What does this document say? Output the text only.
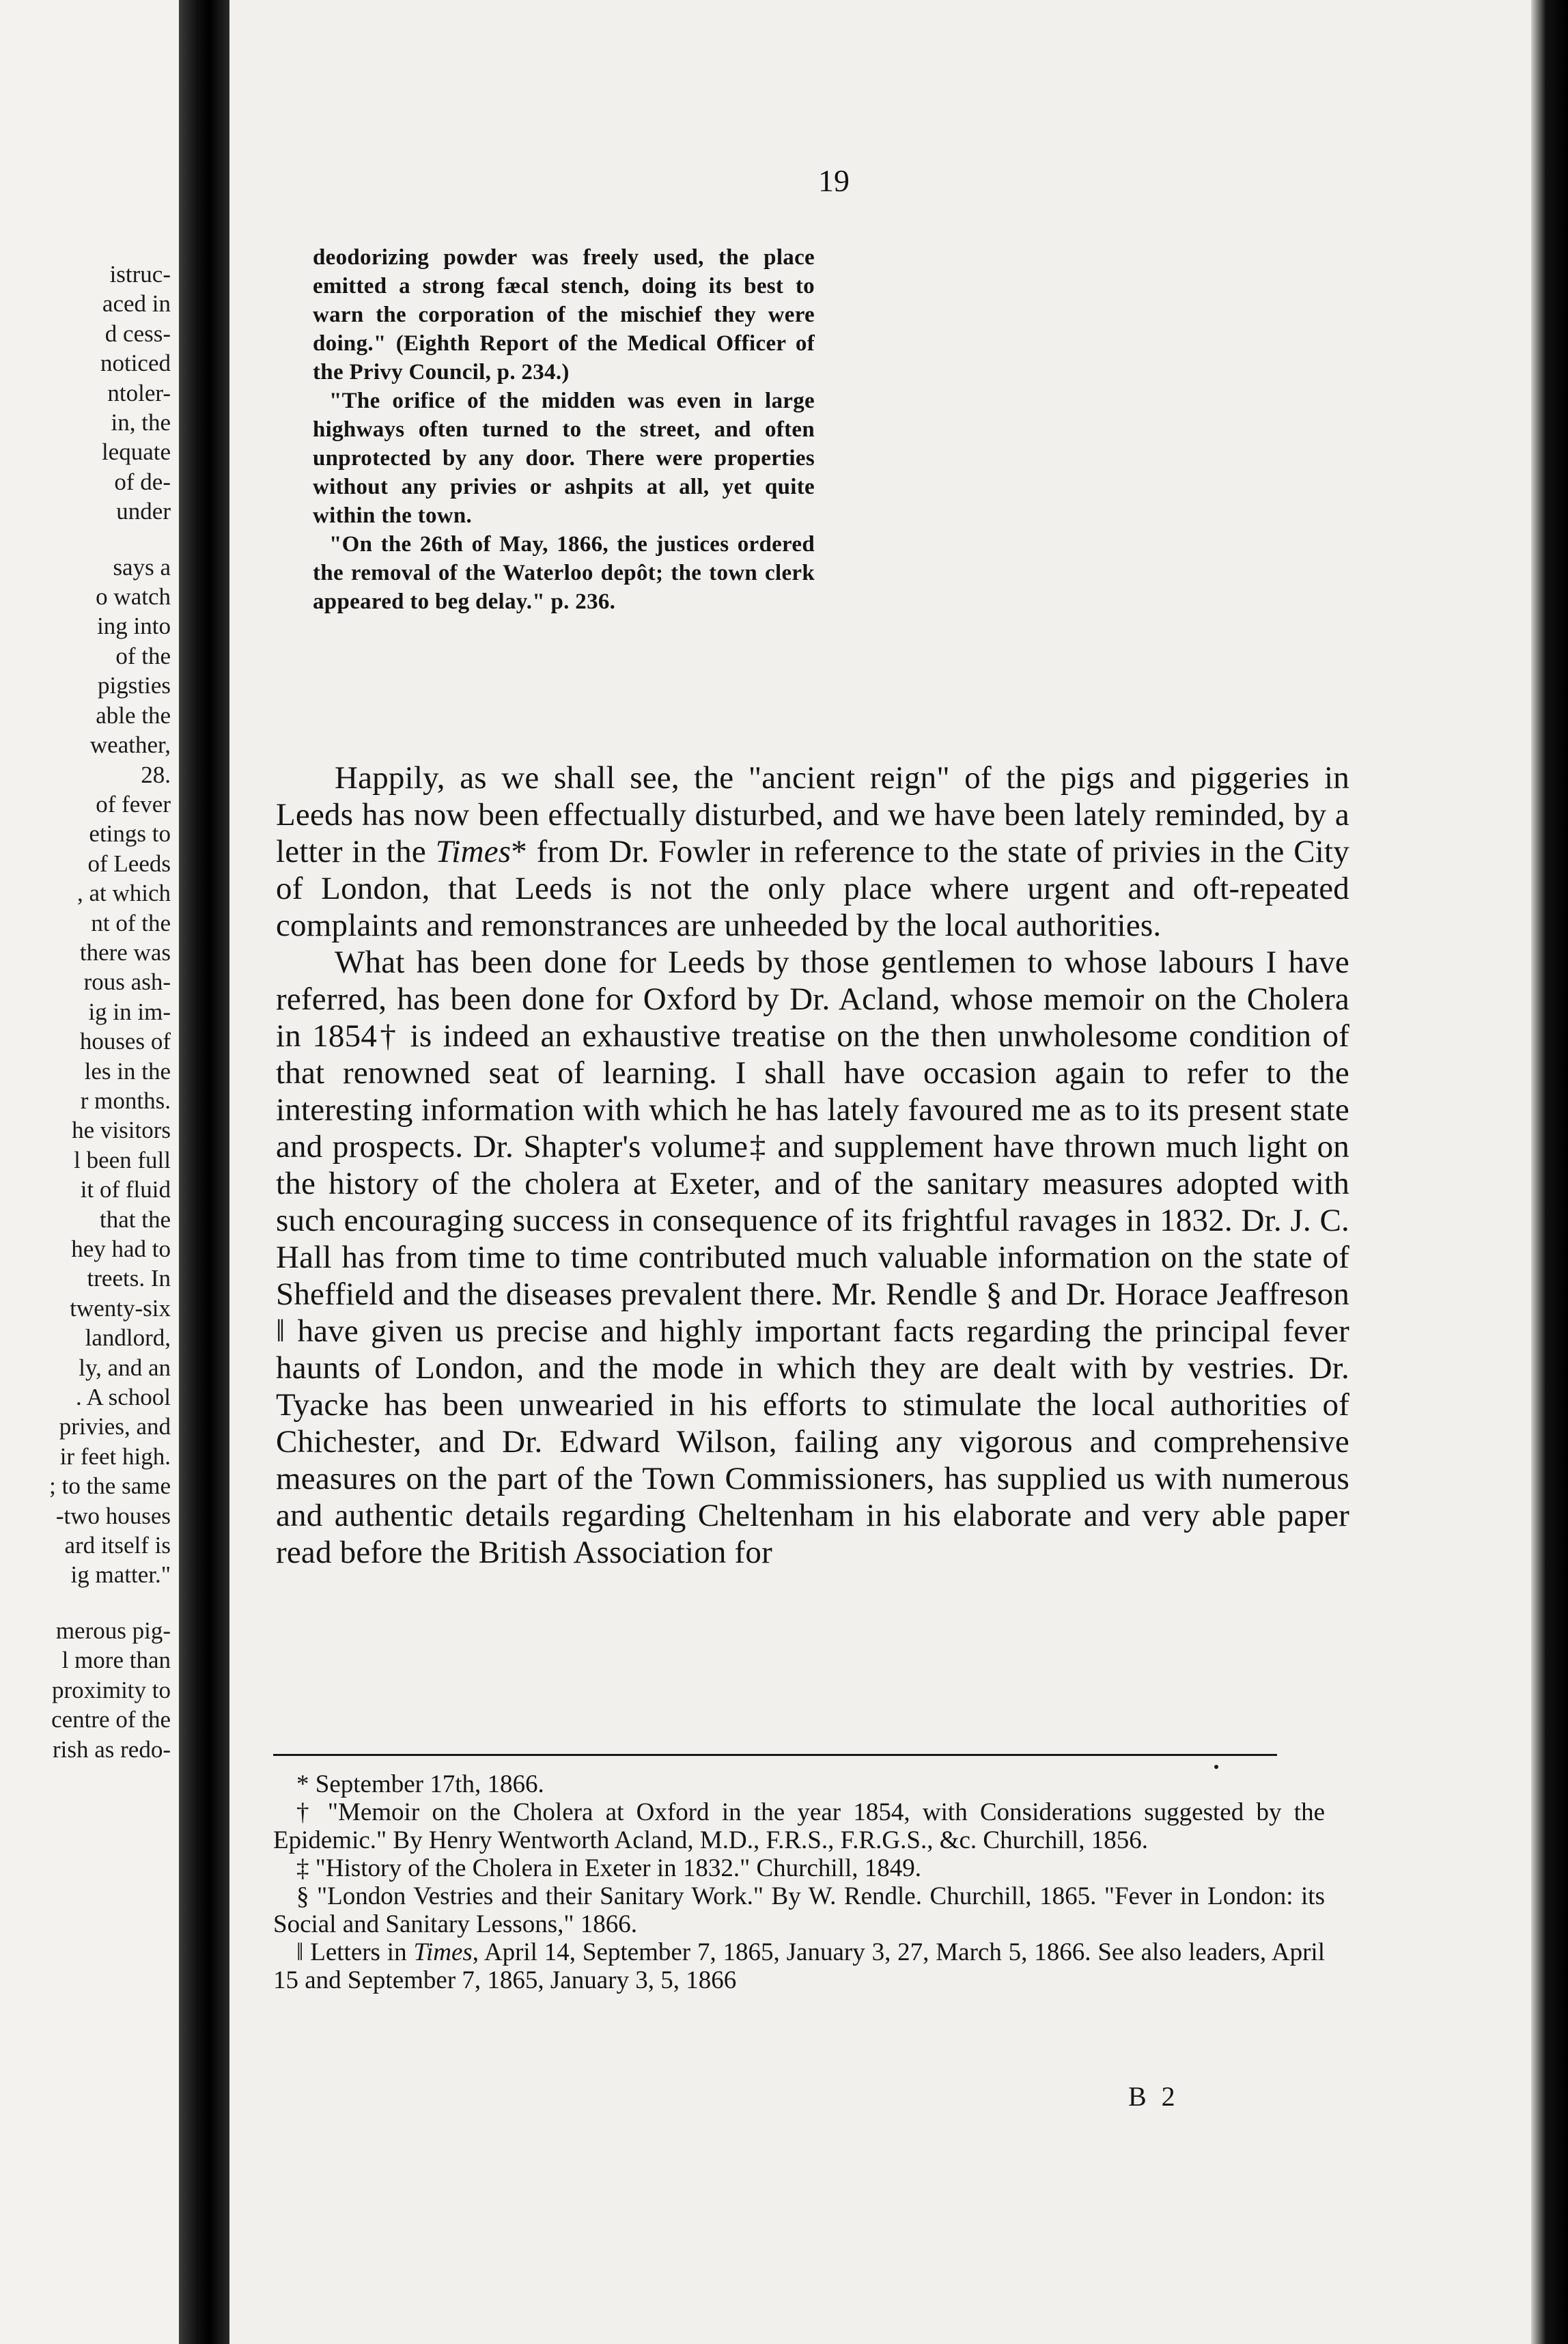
istruc-
aced in
d cess-
noticed
ntoler-
in, the
lequate
of de-
under
says a
o watch
ing into
of the
pigsties
able the
weather,
28.
of fever
etings to
of Leeds
, at which
nt of the
there was
rous ash-
ig in im-
houses of
les in the
r months.
he visitors
l been full
it of fluid
that the
hey had to
treets. In
twenty-six
landlord,
ly, and an
. A school
privies, and
ir feet high.
; to the same
-two houses
ard itself is
ig matter."
merous pig-
l more than
proximity to
centre of the
rish as redo-
19

deodorizing powder was freely used, the place emitted a strong fæcal stench, doing its best to warn the corporation of the mischief they were doing." (Eighth Report of the Medical Officer of the Privy Council, p. 234.)

"The orifice of the midden was even in large highways often turned to the street, and often unprotected by any door. There were properties without any privies or ashpits at all, yet quite within the town.

"On the 26th of May, 1866, the justices ordered the removal of the Waterloo depôt; the town clerk appeared to beg delay." p. 236.

Happily, as we shall see, the "ancient reign" of the pigs and piggeries in Leeds has now been effectually disturbed, and we have been lately reminded, by a letter in the Times* from Dr. Fowler in reference to the state of privies in the City of London, that Leeds is not the only place where urgent and oft-repeated complaints and remonstrances are unheeded by the local authorities.

What has been done for Leeds by those gentlemen to whose labours I have referred, has been done for Oxford by Dr. Acland, whose memoir on the Cholera in 1854† is indeed an exhaustive treatise on the then unwholesome condition of that renowned seat of learning. I shall have occasion again to refer to the interesting information with which he has lately favoured me as to its present state and prospects. Dr. Shapter's volume‡ and supplement have thrown much light on the history of the cholera at Exeter, and of the sanitary measures adopted with such encouraging success in consequence of its frightful ravages in 1832. Dr. J. C. Hall has from time to time contributed much valuable information on the state of Sheffield and the diseases prevalent there. Mr. Rendle § and Dr. Horace Jeaffreson ‖ have given us precise and highly important facts regarding the principal fever haunts of London, and the mode in which they are dealt with by vestries. Dr. Tyacke has been unwearied in his efforts to stimulate the local authorities of Chichester, and Dr. Edward Wilson, failing any vigorous and comprehensive measures on the part of the Town Commissioners, has supplied us with numerous and authentic details regarding Cheltenham in his elaborate and very able paper read before the British Association for

* September 17th, 1866.

† "Memoir on the Cholera at Oxford in the year 1854, with Considerations suggested by the Epidemic." By Henry Wentworth Acland, M.D., F.R.S., F.R.G.S., &c. Churchill, 1856.

‡ "History of the Cholera in Exeter in 1832." Churchill, 1849.

§ "London Vestries and their Sanitary Work." By W. Rendle. Churchill, 1865. "Fever in London: its Social and Sanitary Lessons," 1866.

‖ Letters in Times, April 14, September 7, 1865, January 3, 27, March 5, 1866. See also leaders, April 15 and September 7, 1865, January 3, 5, 1866

B 2
